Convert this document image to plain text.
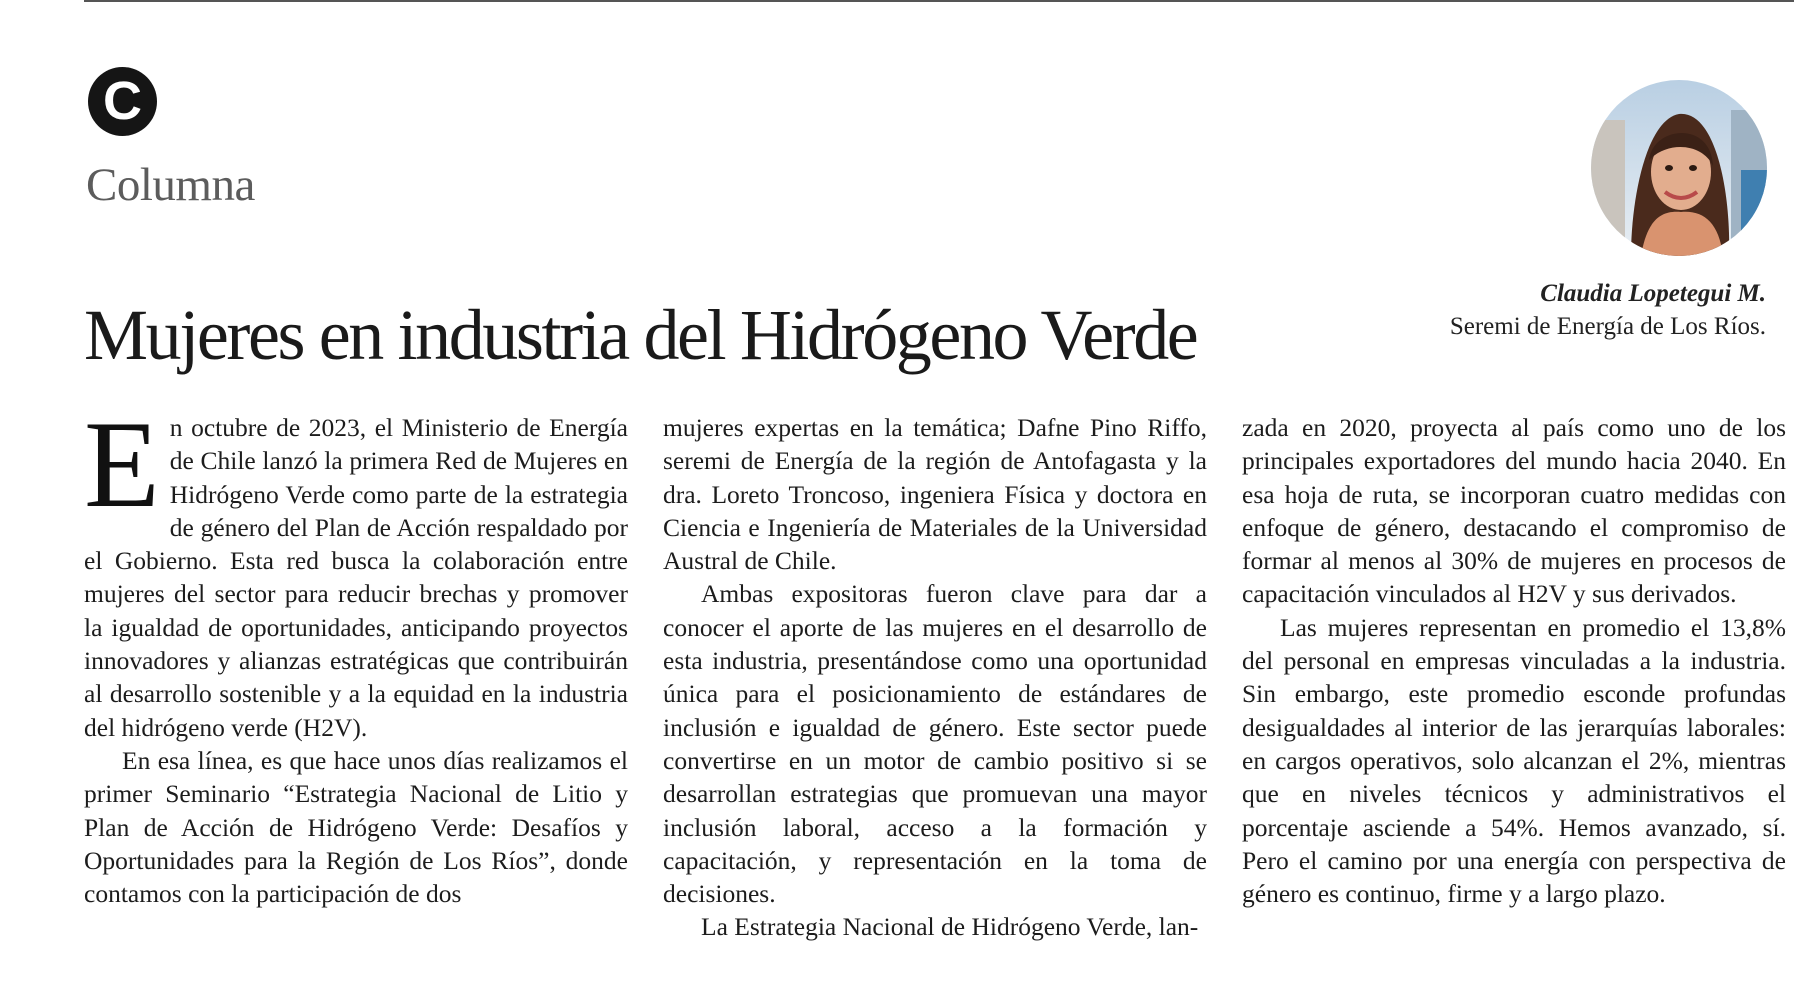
C
Columna
Mujeres en industria del Hidrógeno Verde
Claudia Lopetegui M.
Seremi de Energía de Los Ríos.

En octubre de 2023, el Ministerio de Energía de Chile lanzó la primera Red de Mujeres en Hidrógeno Verde como parte de la estrategia de género del Plan de Acción respaldado por el Gobierno. Esta red busca la colaboración entre mujeres del sector para reducir brechas y promover la igualdad de oportunidades, anticipando proyectos innovadores y alianzas estratégicas que contribuirán al desarrollo sostenible y a la equidad en la industria del hidrógeno verde (H2V).

En esa línea, es que hace unos días realizamos el primer Seminario “Estrategia Nacional de Litio y Plan de Acción de Hidrógeno Verde: Desafíos y Oportunidades para la Región de Los Ríos”, donde contamos con la participación de dos

mujeres expertas en la temática; Dafne Pino Riffo, seremi de Energía de la región de Antofagasta y la dra. Loreto Troncoso, ingeniera Física y doctora en Ciencia e Ingeniería de Materiales de la Universidad Austral de Chile.

Ambas expositoras fueron clave para dar a conocer el aporte de las mujeres en el desarrollo de esta industria, presentándose como una oportunidad única para el posicionamiento de estándares de inclusión e igualdad de género. Este sector puede convertirse en un motor de cambio positivo si se desarrollan estrategias que promuevan una mayor inclusión laboral, acceso a la formación y capacitación, y representación en la toma de decisiones.

La Estrategia Nacional de Hidrógeno Verde, lan-

zada en 2020, proyecta al país como uno de los principales exportadores del mundo hacia 2040. En esa hoja de ruta, se incorporan cuatro medidas con enfoque de género, destacando el compromiso de formar al menos al 30% de mujeres en procesos de capacitación vinculados al H2V y sus derivados.

Las mujeres representan en promedio el 13,8% del personal en empresas vinculadas a la industria. Sin embargo, este promedio esconde profundas desigualdades al interior de las jerarquías laborales: en cargos operativos, solo alcanzan el 2%, mientras que en niveles técnicos y administrativos el porcentaje asciende a 54%. Hemos avanzado, sí. Pero el camino por una energía con perspectiva de género es continuo, firme y a largo plazo.
